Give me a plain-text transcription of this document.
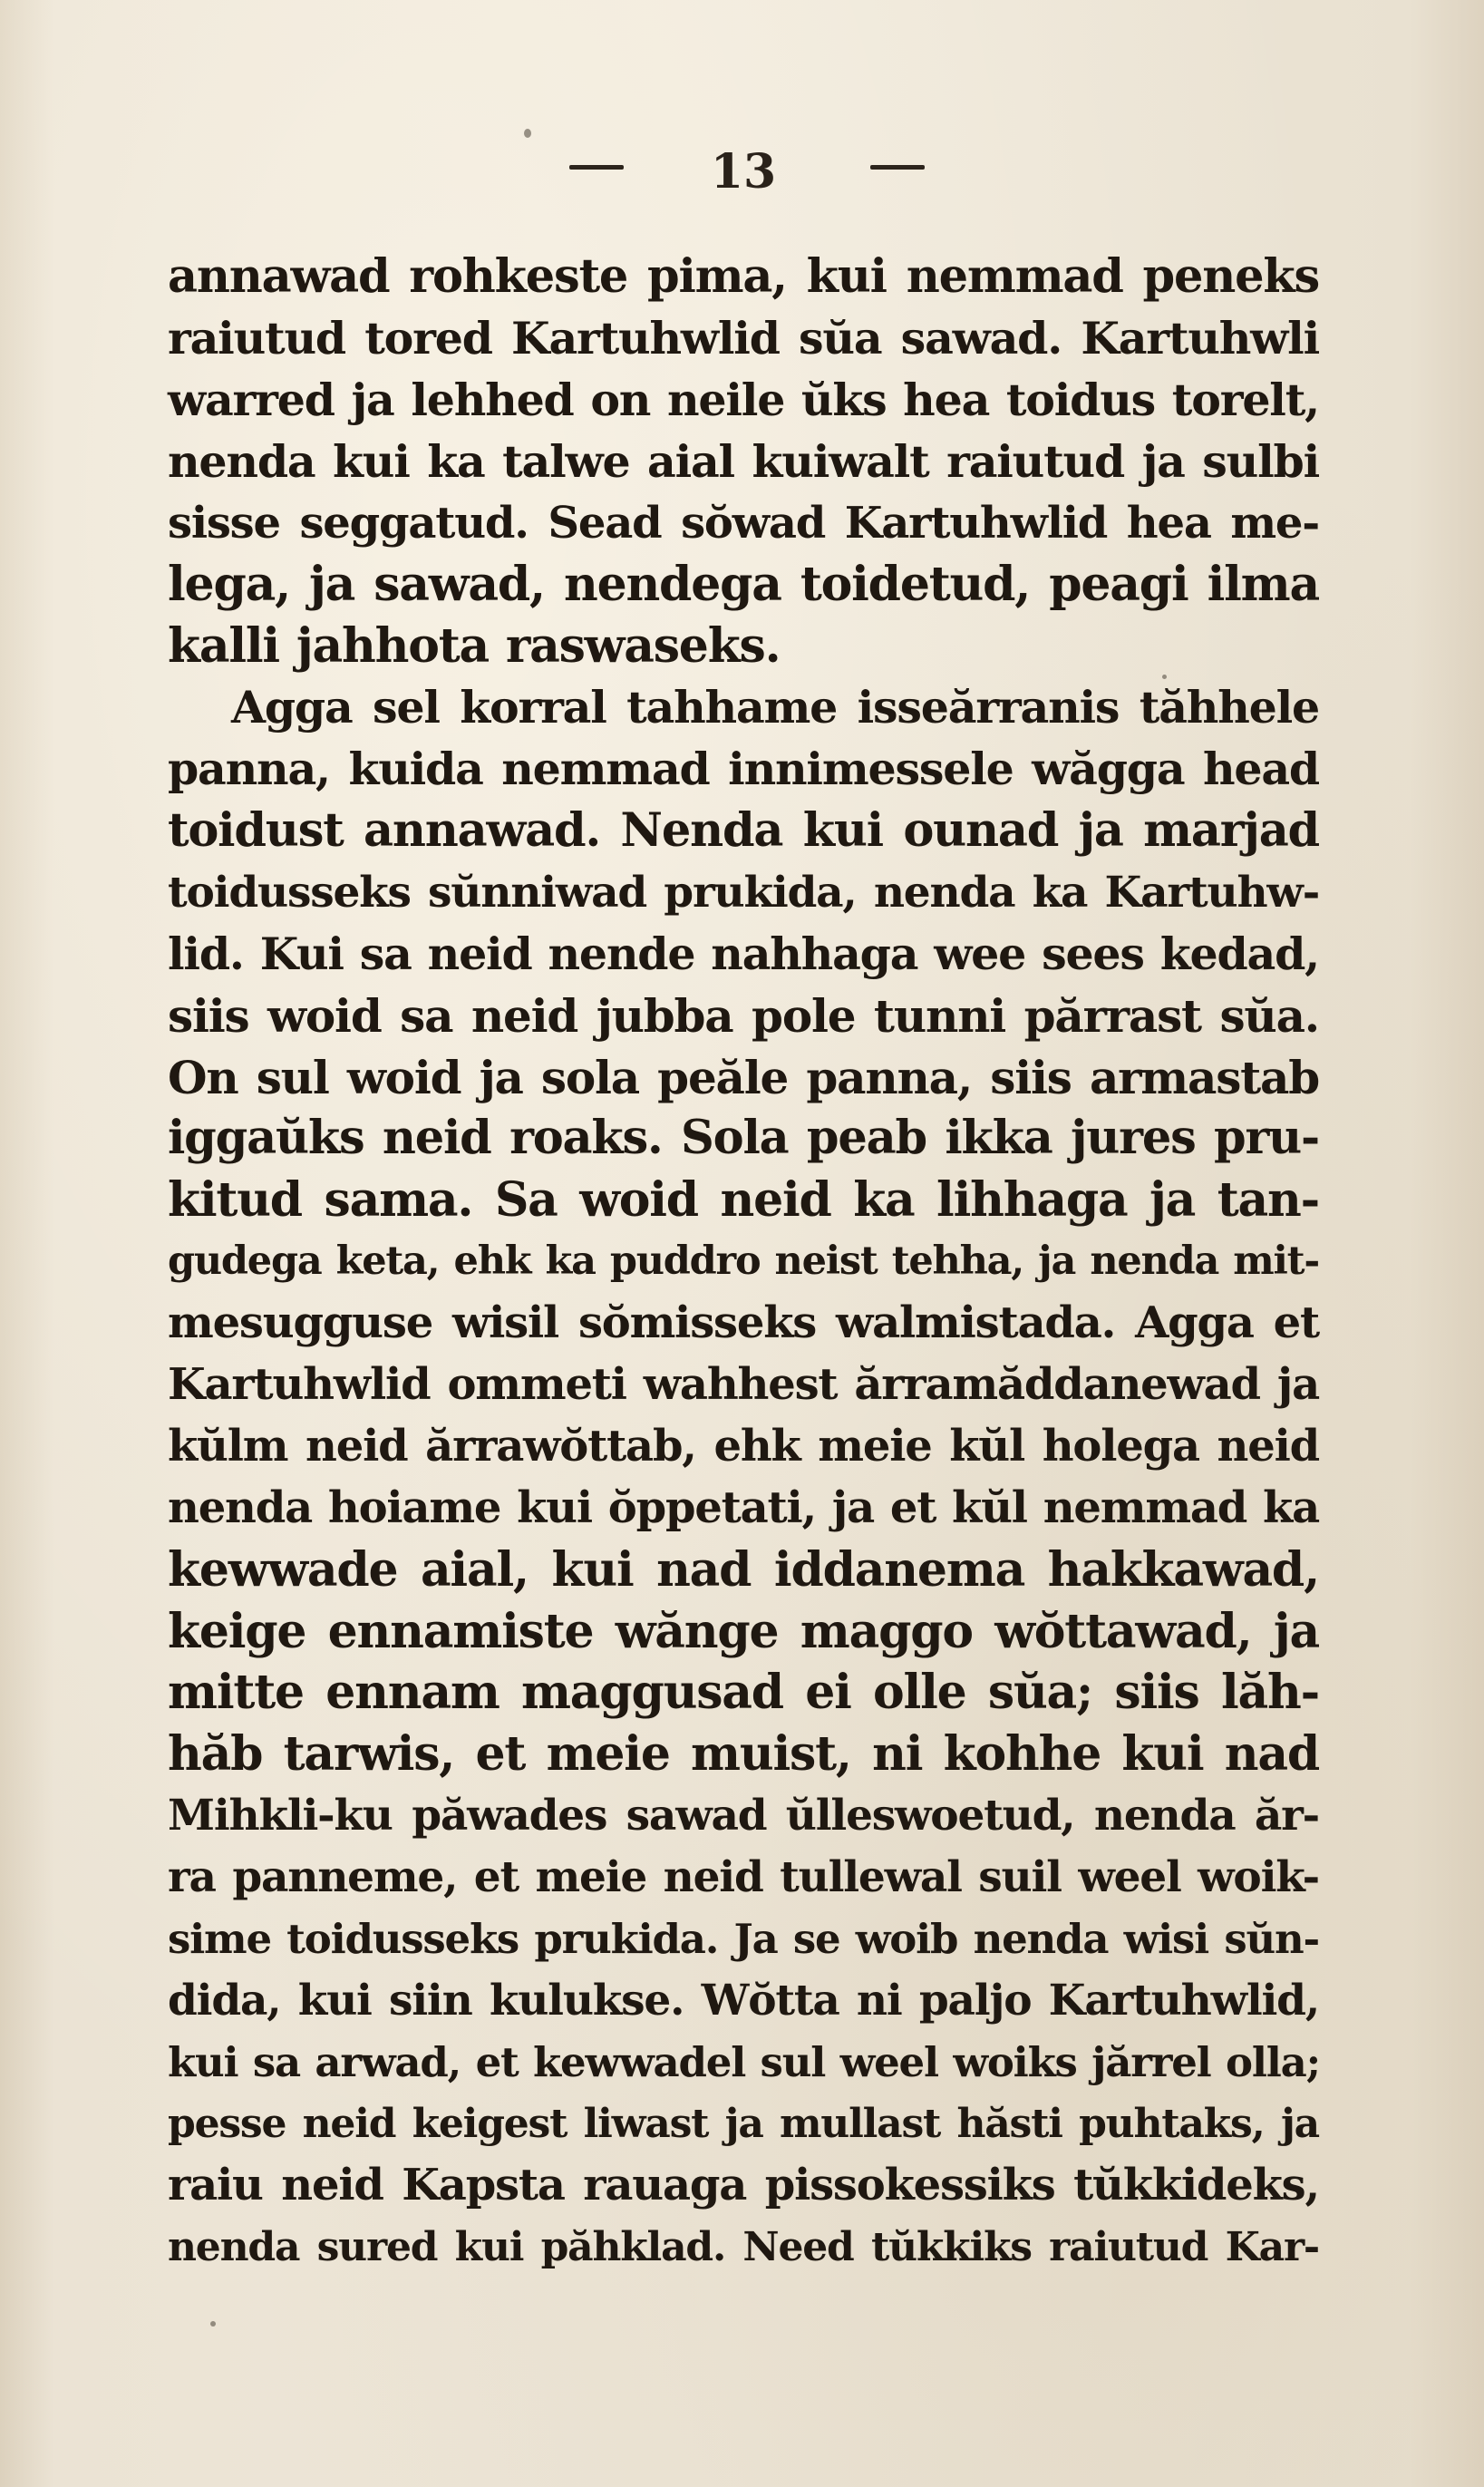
13
annawad rohkeste pima, kui nemmad peneks
raiutud tored Kartuhwlid sŭa sawad. Kartuhwli
warred ja lehhed on neile ŭks hea toidus torelt,
nenda kui ka talwe aial kuiwalt raiutud ja sulbi
sisse seggatud. Sead sŏwad Kartuhwlid hea me-
lega, ja sawad, nendega toidetud, peagi ilma
kalli jahhota raswaseks.
Agga sel korral tahhame isseărranis tăhhele
panna, kuida nemmad innimessele wăgga head
toidust annawad. Nenda kui ounad ja marjad
toidusseks sŭnniwad prukida, nenda ka Kartuhw-
lid. Kui sa neid nende nahhaga wee sees kedad,
siis woid sa neid jubba pole tunni părrast sŭa.
On sul woid ja sola peăle panna, siis armastab
iggaŭks neid roaks. Sola peab ikka jures pru-
kitud sama. Sa woid neid ka lihhaga ja tan-
gudega keta, ehk ka puddro neist tehha, ja nenda mit-
mesugguse wisil sŏmisseks walmistada. Agga et
Kartuhwlid ommeti wahhest ărramăddanewad ja
kŭlm neid ărrawŏttab, ehk meie kŭl holega neid
nenda hoiame kui ŏppetati, ja et kŭl nemmad ka
kewwade aial, kui nad iddanema hakkawad,
keige ennamiste wănge maggo wŏttawad, ja
mitte ennam maggusad ei olle sŭa; siis lăh-
hăb tarwis, et meie muist, ni kohhe kui nad
Mihkli-ku păwades sawad ŭlleswoetud, nenda ăr-
ra panneme, et meie neid tullewal suil weel woik-
sime toidusseks prukida. Ja se woib nenda wisi sŭn-
dida, kui siin kulukse. Wŏtta ni paljo Kartuhwlid,
kui sa arwad, et kewwadel sul weel woiks jărrel olla;
pesse neid keigest liwast ja mullast hăsti puhtaks, ja
raiu neid Kapsta rauaga pissokessiks tŭkkideks,
nenda sured kui păhklad. Need tŭkkiks raiutud Kar-
